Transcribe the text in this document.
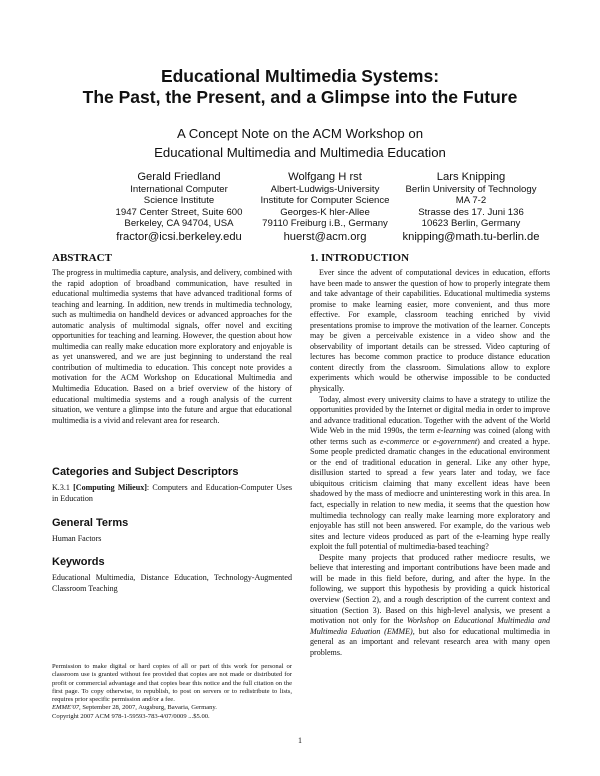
Educational Multimedia Systems:
The Past, the Present, and a Glimpse into the Future
A Concept Note on the ACM Workshop on
Educational Multimedia and Multimedia Education
Gerald Friedland
International Computer
Science Institute
1947 Center Street, Suite 600
Berkeley, CA 94704, USA
fractor@icsi.berkeley.edu
Wolfgang H rst
Albert-Ludwigs-University
Institute for Computer Science
Georges-K hler-Allee
79110 Freiburg i.B., Germany
huerst@acm.org
Lars Knipping
Berlin University of Technology
MA 7-2
Strasse des 17. Juni 136
10623 Berlin, Germany
knipping@math.tu-berlin.de
ABSTRACT
The progress in multimedia capture, analysis, and delivery, combined with the rapid adoption of broadband communication, have resulted in educational multimedia systems that have advanced traditional forms of teaching and learning. In addition, new trends in multimedia technology, such as multimedia on handheld devices or advanced approaches for the automatic analysis of multimodal signals, offer novel and exciting opportunities for teaching and learning. However, the question about how multimedia can really make education more exploratory and enjoyable is as yet unanswered, and we are just beginning to understand the real contribution of multimedia to education. This concept note provides a motivation for the ACM Workshop on Educational Multimedia and Multimedia Education. Based on a brief overview of the history of educational multimedia systems and a rough analysis of the current situation, we venture a glimpse into the future and argue that educational multimedia is a vivid and relevant area for research.
Categories and Subject Descriptors
K.3.1 [Computing Milieux]: Computers and Education-Computer Uses in Education
General Terms
Human Factors
Keywords
Educational Multimedia, Distance Education, Technology-Augmented Classroom Teaching

Permission to make digital or hard copies of all or part of this work for personal or classroom use is granted without fee provided that copies are not made or distributed for profit or commercial advantage and that copies bear this notice and the full citation on the first page. To copy otherwise, to republish, to post on servers or to redistribute to lists, requires prior specific permission and/or a fee.

EMME'07, September 28, 2007, Augsburg, Bavaria, Germany.

Copyright 2007 ACM 978-1-59593-783-4/07/0009 ...$5.00.

1. INTRODUCTION

Ever since the advent of computational devices in education, efforts have been made to answer the question of how to properly integrate them and take advantage of their capabilities. Educational multimedia systems promise to make learning easier, more convenient, and thus more effective. For example, classroom teaching enriched by vivid presentations promise to improve the motivation of the learner. Concepts may be given a perceivable existence in a video show and the observability of important details can be stressed. Video capturing of lectures has become common practice to produce distance education content directly from the classroom. Simulations allow to explore experiments which would be otherwise impossible to be conducted physically.

Today, almost every university claims to have a strategy to utilize the opportunities provided by the Internet or digital media in order to improve and advance traditional education. Together with the advent of the World Wide Web in the mid 1990s, the term e-learning was coined (along with other terms such as e-commerce or e-government) and created a hype. Some people predicted dramatic changes in the educational environment or the end of traditional education in general. Like any other hype, disillusion started to spread a few years later and today, we face ubiquitous criticism claiming that many excellent ideas have been shadowed by the mass of mediocre and uninteresting work in this area. In fact, especially in relation to new media, it seems that the question how multimedia technology can really make learning more exploratory and enjoyable has still not been answered. For example, do the various web sites and lecture videos produced as part of the e-learning hype really exploit the full potential of multimedia-based teaching?

Despite many projects that produced rather mediocre results, we believe that interesting and important contributions have been made and will be made in this field before, during, and after the hype. In the following, we support this hypothesis by providing a quick historical overview (Section 2), and a rough description of the current context and situation (Section 3). Based on this high-level analysis, we present a motivation not only for the Workshop on Educational Multimedia and Multimedia Eduation (EMME), but also for educational multimedia in general as an important and relevant research area with many open problems.

1
